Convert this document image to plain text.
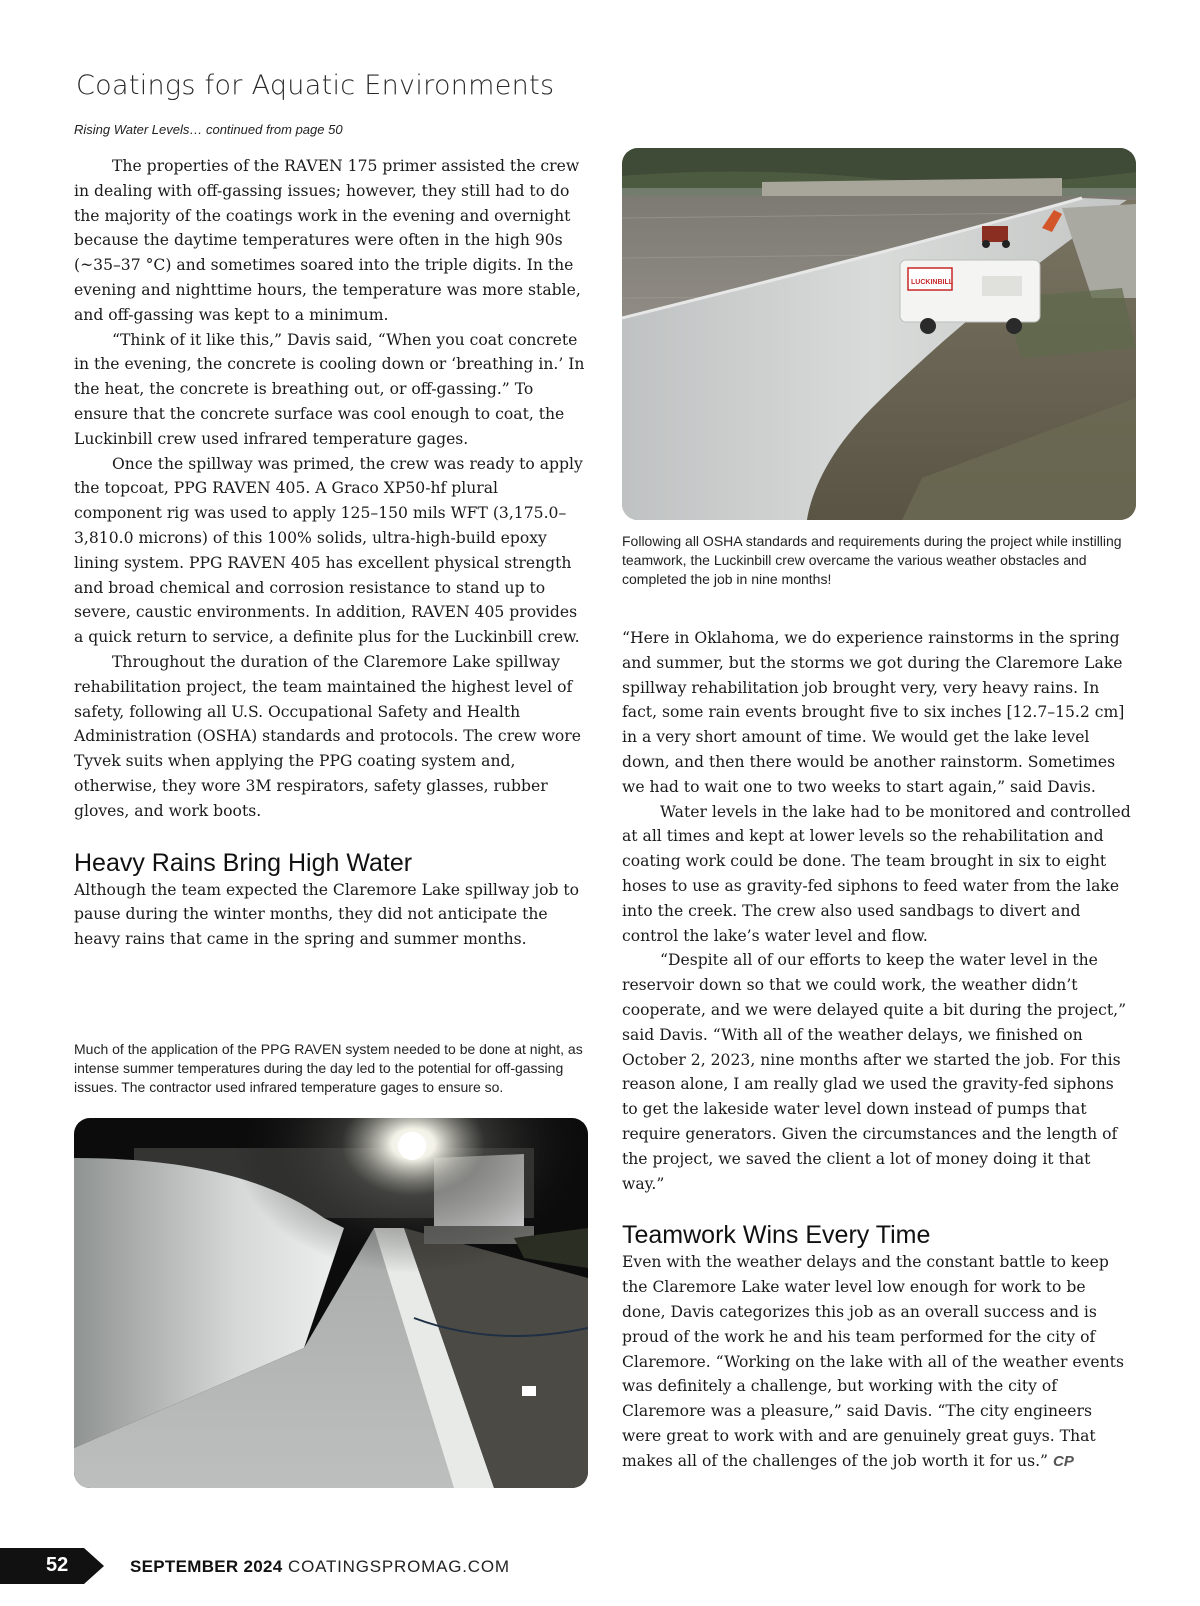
Coatings for Aquatic Environments
Rising Water Levels… continued from page 50

The properties of the RAVEN 175 primer assisted the crew in dealing with off-gassing issues; however, they still had to do the majority of the coatings work in the evening and overnight because the daytime temperatures were often in the high 90s (~35–37 °C) and sometimes soared into the triple digits. In the evening and nighttime hours, the temperature was more stable, and off-gassing was kept to a minimum.

“Think of it like this,” Davis said, “When you coat concrete in the evening, the concrete is cooling down or ‘breathing in.’ In the heat, the concrete is breathing out, or off-gassing.” To ensure that the concrete surface was cool enough to coat, the Luckinbill crew used infrared temperature gages.

Once the spillway was primed, the crew was ready to apply the topcoat, PPG RAVEN 405. A Graco XP50-hf plural component rig was used to apply 125–150 mils WFT (3,175.0–3,810.0 microns) of this 100% solids, ultra-high-build epoxy lining system. PPG RAVEN 405 has excellent physical strength and broad chemical and corrosion resistance to stand up to severe, caustic environments. In addition, RAVEN 405 provides a quick return to service, a definite plus for the Luckinbill crew.

Throughout the duration of the Claremore Lake spillway rehabilitation project, the team maintained the highest level of safety, following all U.S. Occupational Safety and Health Administration (OSHA) standards and protocols. The crew wore Tyvek suits when applying the PPG coating system and, otherwise, they wore 3M respirators, safety glasses, rubber gloves, and work boots.

Heavy Rains Bring High Water

Although the team expected the Claremore Lake spillway job to pause during the winter months, they did not anticipate the heavy rains that came in the spring and summer months.

Much of the application of the PPG RAVEN system needed to be done at night, as intense summer temperatures during the day led to the potential for off-gassing issues. The contractor used infrared temperature gages to ensure so.
LUCKINBILL
Following all OSHA standards and requirements during the project while instilling teamwork, the Luckinbill crew overcame the various weather obstacles and completed the job in nine months!

“Here in Oklahoma, we do experience rainstorms in the spring and summer, but the storms we got during the Claremore Lake spillway rehabilitation job brought very, very heavy rains. In fact, some rain events brought five to six inches [12.7–15.2 cm] in a very short amount of time. We would get the lake level down, and then there would be another rainstorm. Sometimes we had to wait one to two weeks to start again,” said Davis.

Water levels in the lake had to be monitored and controlled at all times and kept at lower levels so the rehabilitation and coating work could be done. The team brought in six to eight hoses to use as gravity-fed siphons to feed water from the lake into the creek. The crew also used sandbags to divert and control the lake’s water level and flow.

“Despite all of our efforts to keep the water level in the reservoir down so that we could work, the weather didn’t cooperate, and we were delayed quite a bit during the project,” said Davis. “With all of the weather delays, we finished on October 2, 2023, nine months after we started the job. For this reason alone, I am really glad we used the gravity-fed siphons to get the lakeside water level down instead of pumps that require generators. Given the circumstances and the length of the project, we saved the client a lot of money doing it that way.”

Teamwork Wins Every Time

Even with the weather delays and the constant battle to keep the Claremore Lake water level low enough for work to be done, Davis categorizes this job as an overall success and is proud of the work he and his team performed for the city of Claremore. “Working on the lake with all of the weather events was definitely a challenge, but working with the city of Claremore was a pleasure,” said Davis. “The city engineers were great to work with and are genuinely great guys. That makes all of the challenges of the job worth it for us.” CP

52	SEPTEMBER 2024 COATINGSPROMAG.COM
